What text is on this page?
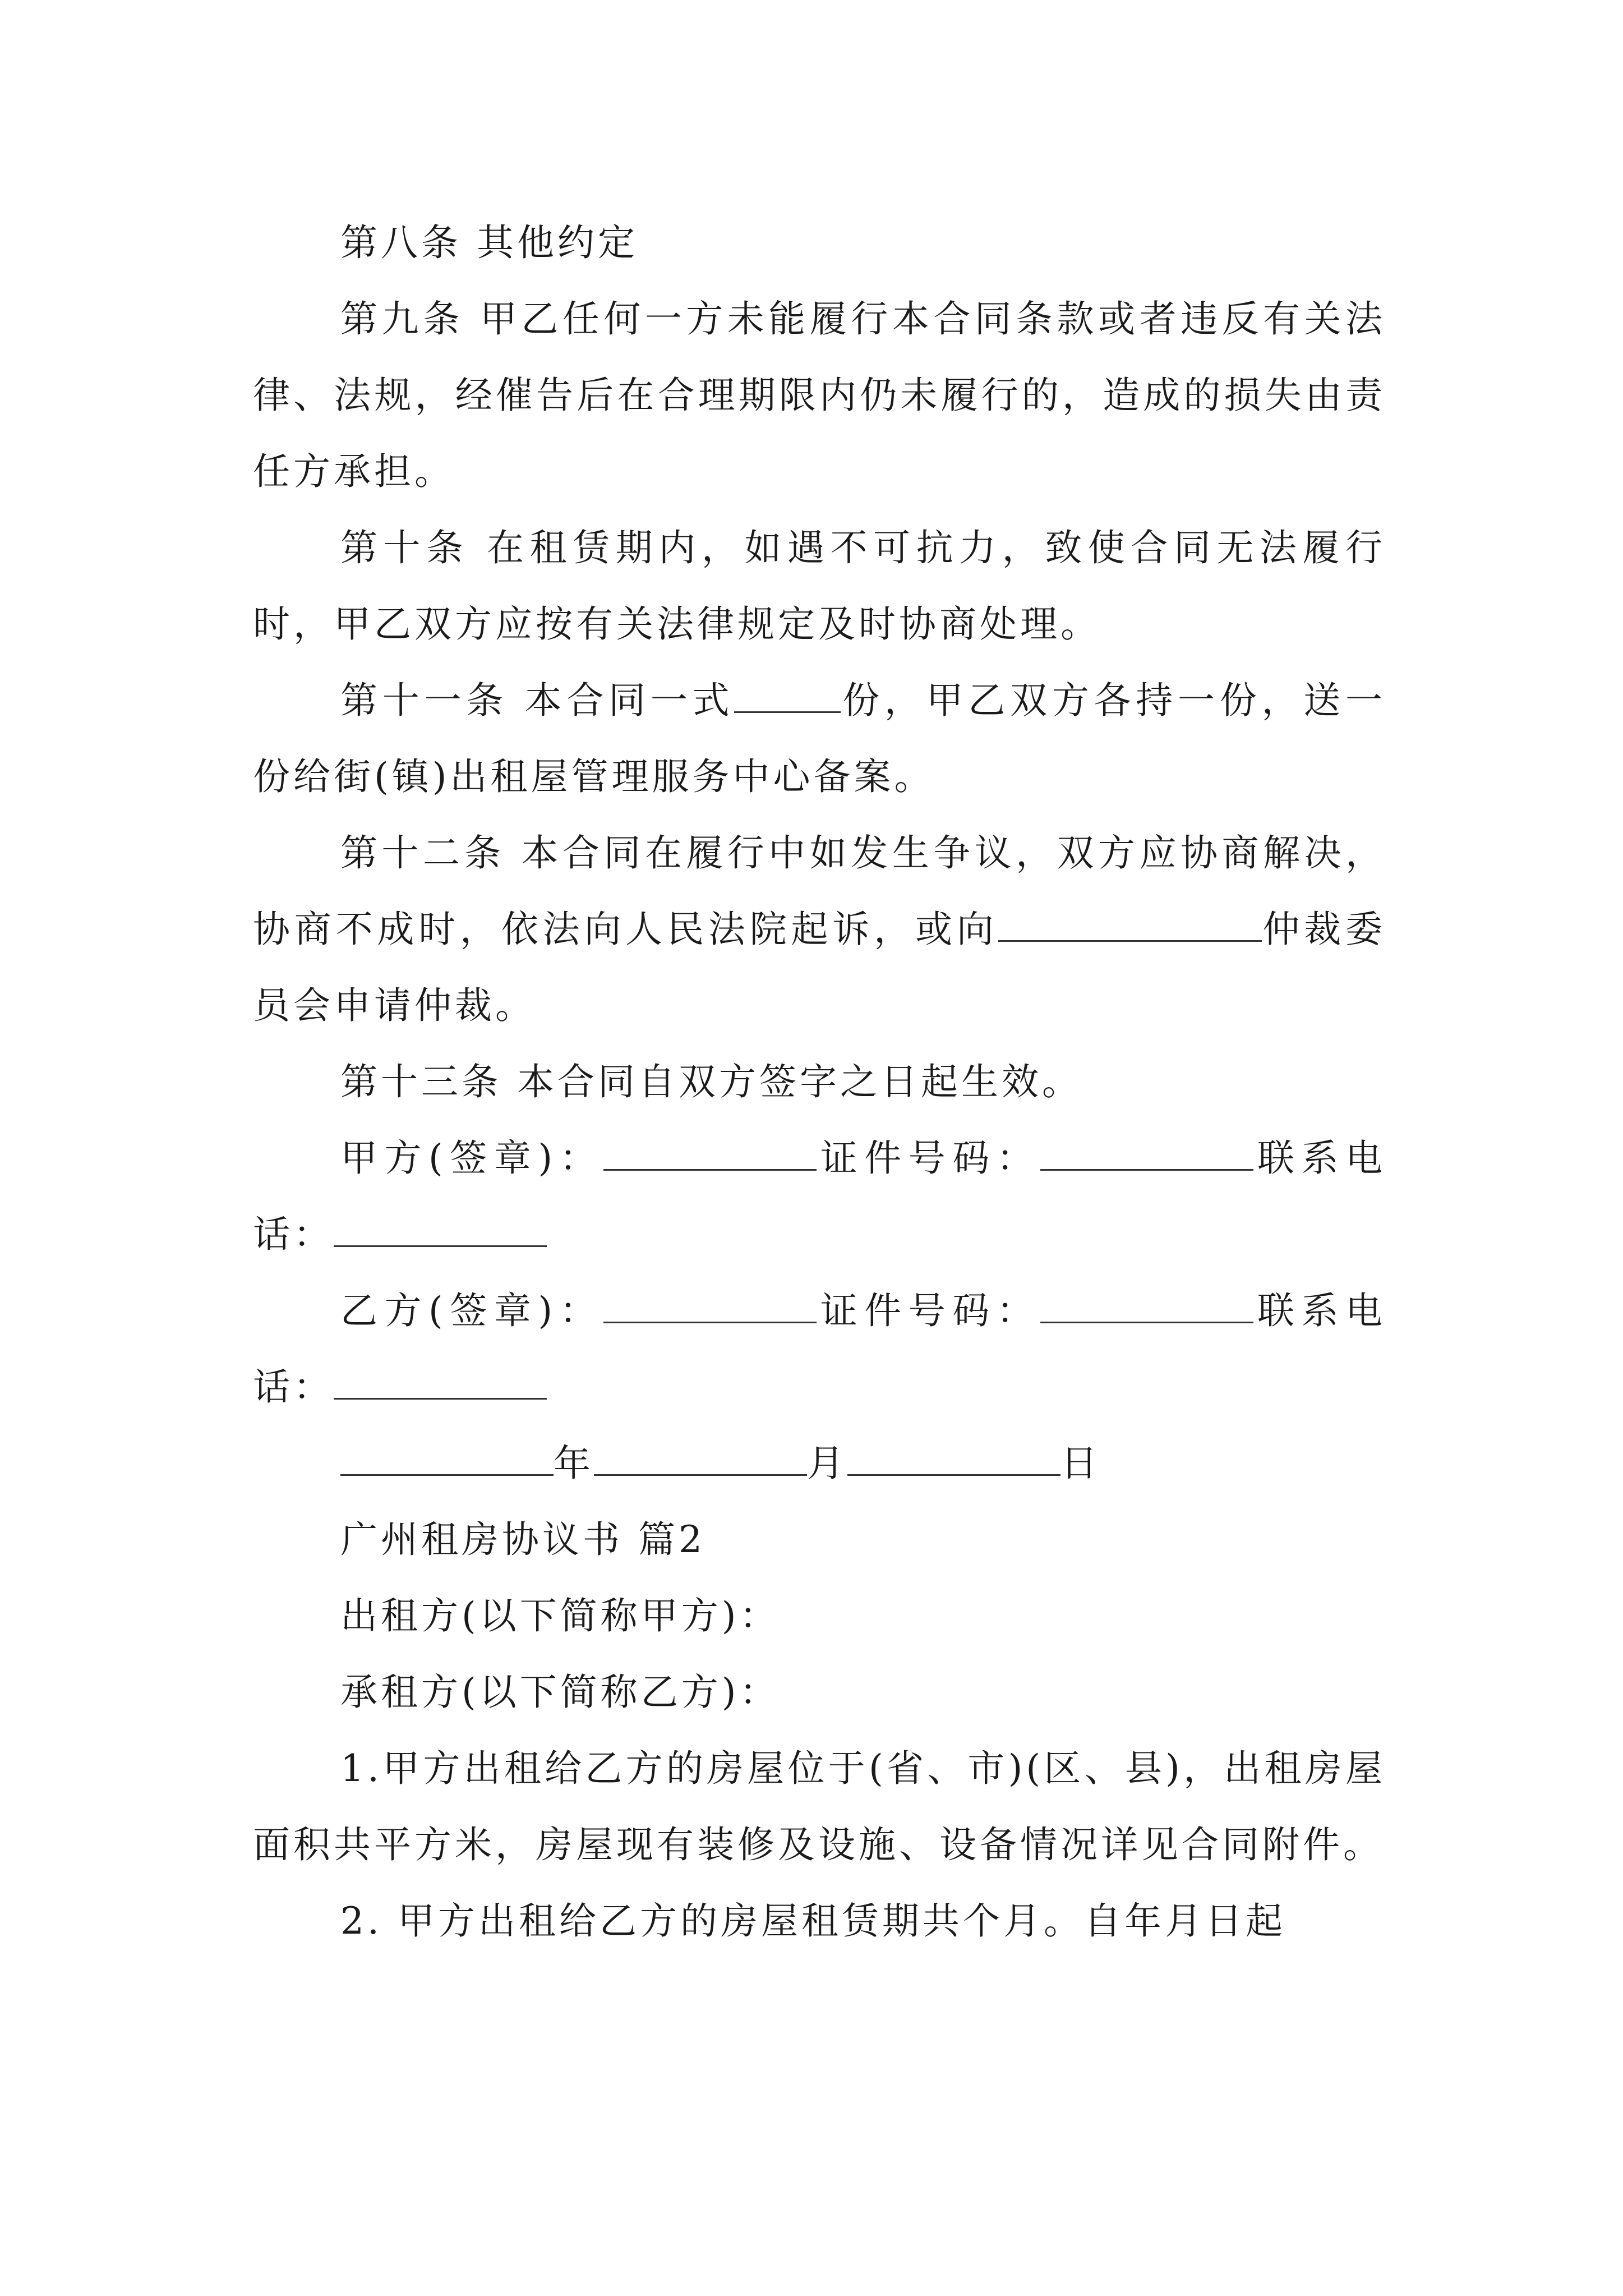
第八条 其他约定

第九条 甲乙任何一方未能履行本合同条款或者违反有关法律、法规，经催告后在合理期限内仍未履行的，造成的损失由责任方承担。

第十条 在租赁期内，如遇不可抗力，致使合同无法履行时，甲乙双方应按有关法律规定及时协商处理。

第十一条 本合同一式	份，甲乙双方各持一份，送一份给街(镇)出租屋管理服务中心备案。

第十二条 本合同在履行中如发生争议，双方应协商解决，协商不成时，依法向人民法院起诉，或向	仲裁委员会申请仲裁。

第十三条 本合同自双方签字之日起生效。

甲方(签章)：	证件号码：	联系电话：

乙方(签章)：	证件号码：	联系电话：

年	月	日

广州租房协议书 篇2

出租方(以下简称甲方)：

承租方(以下简称乙方)：

1.甲方出租给乙方的房屋位于(省、市)(区、县)，出租房屋面积共平方米，房屋现有装修及设施、设备情况详见合同附件。

2. 甲方出租给乙方的房屋租赁期共个月。自年月日起
